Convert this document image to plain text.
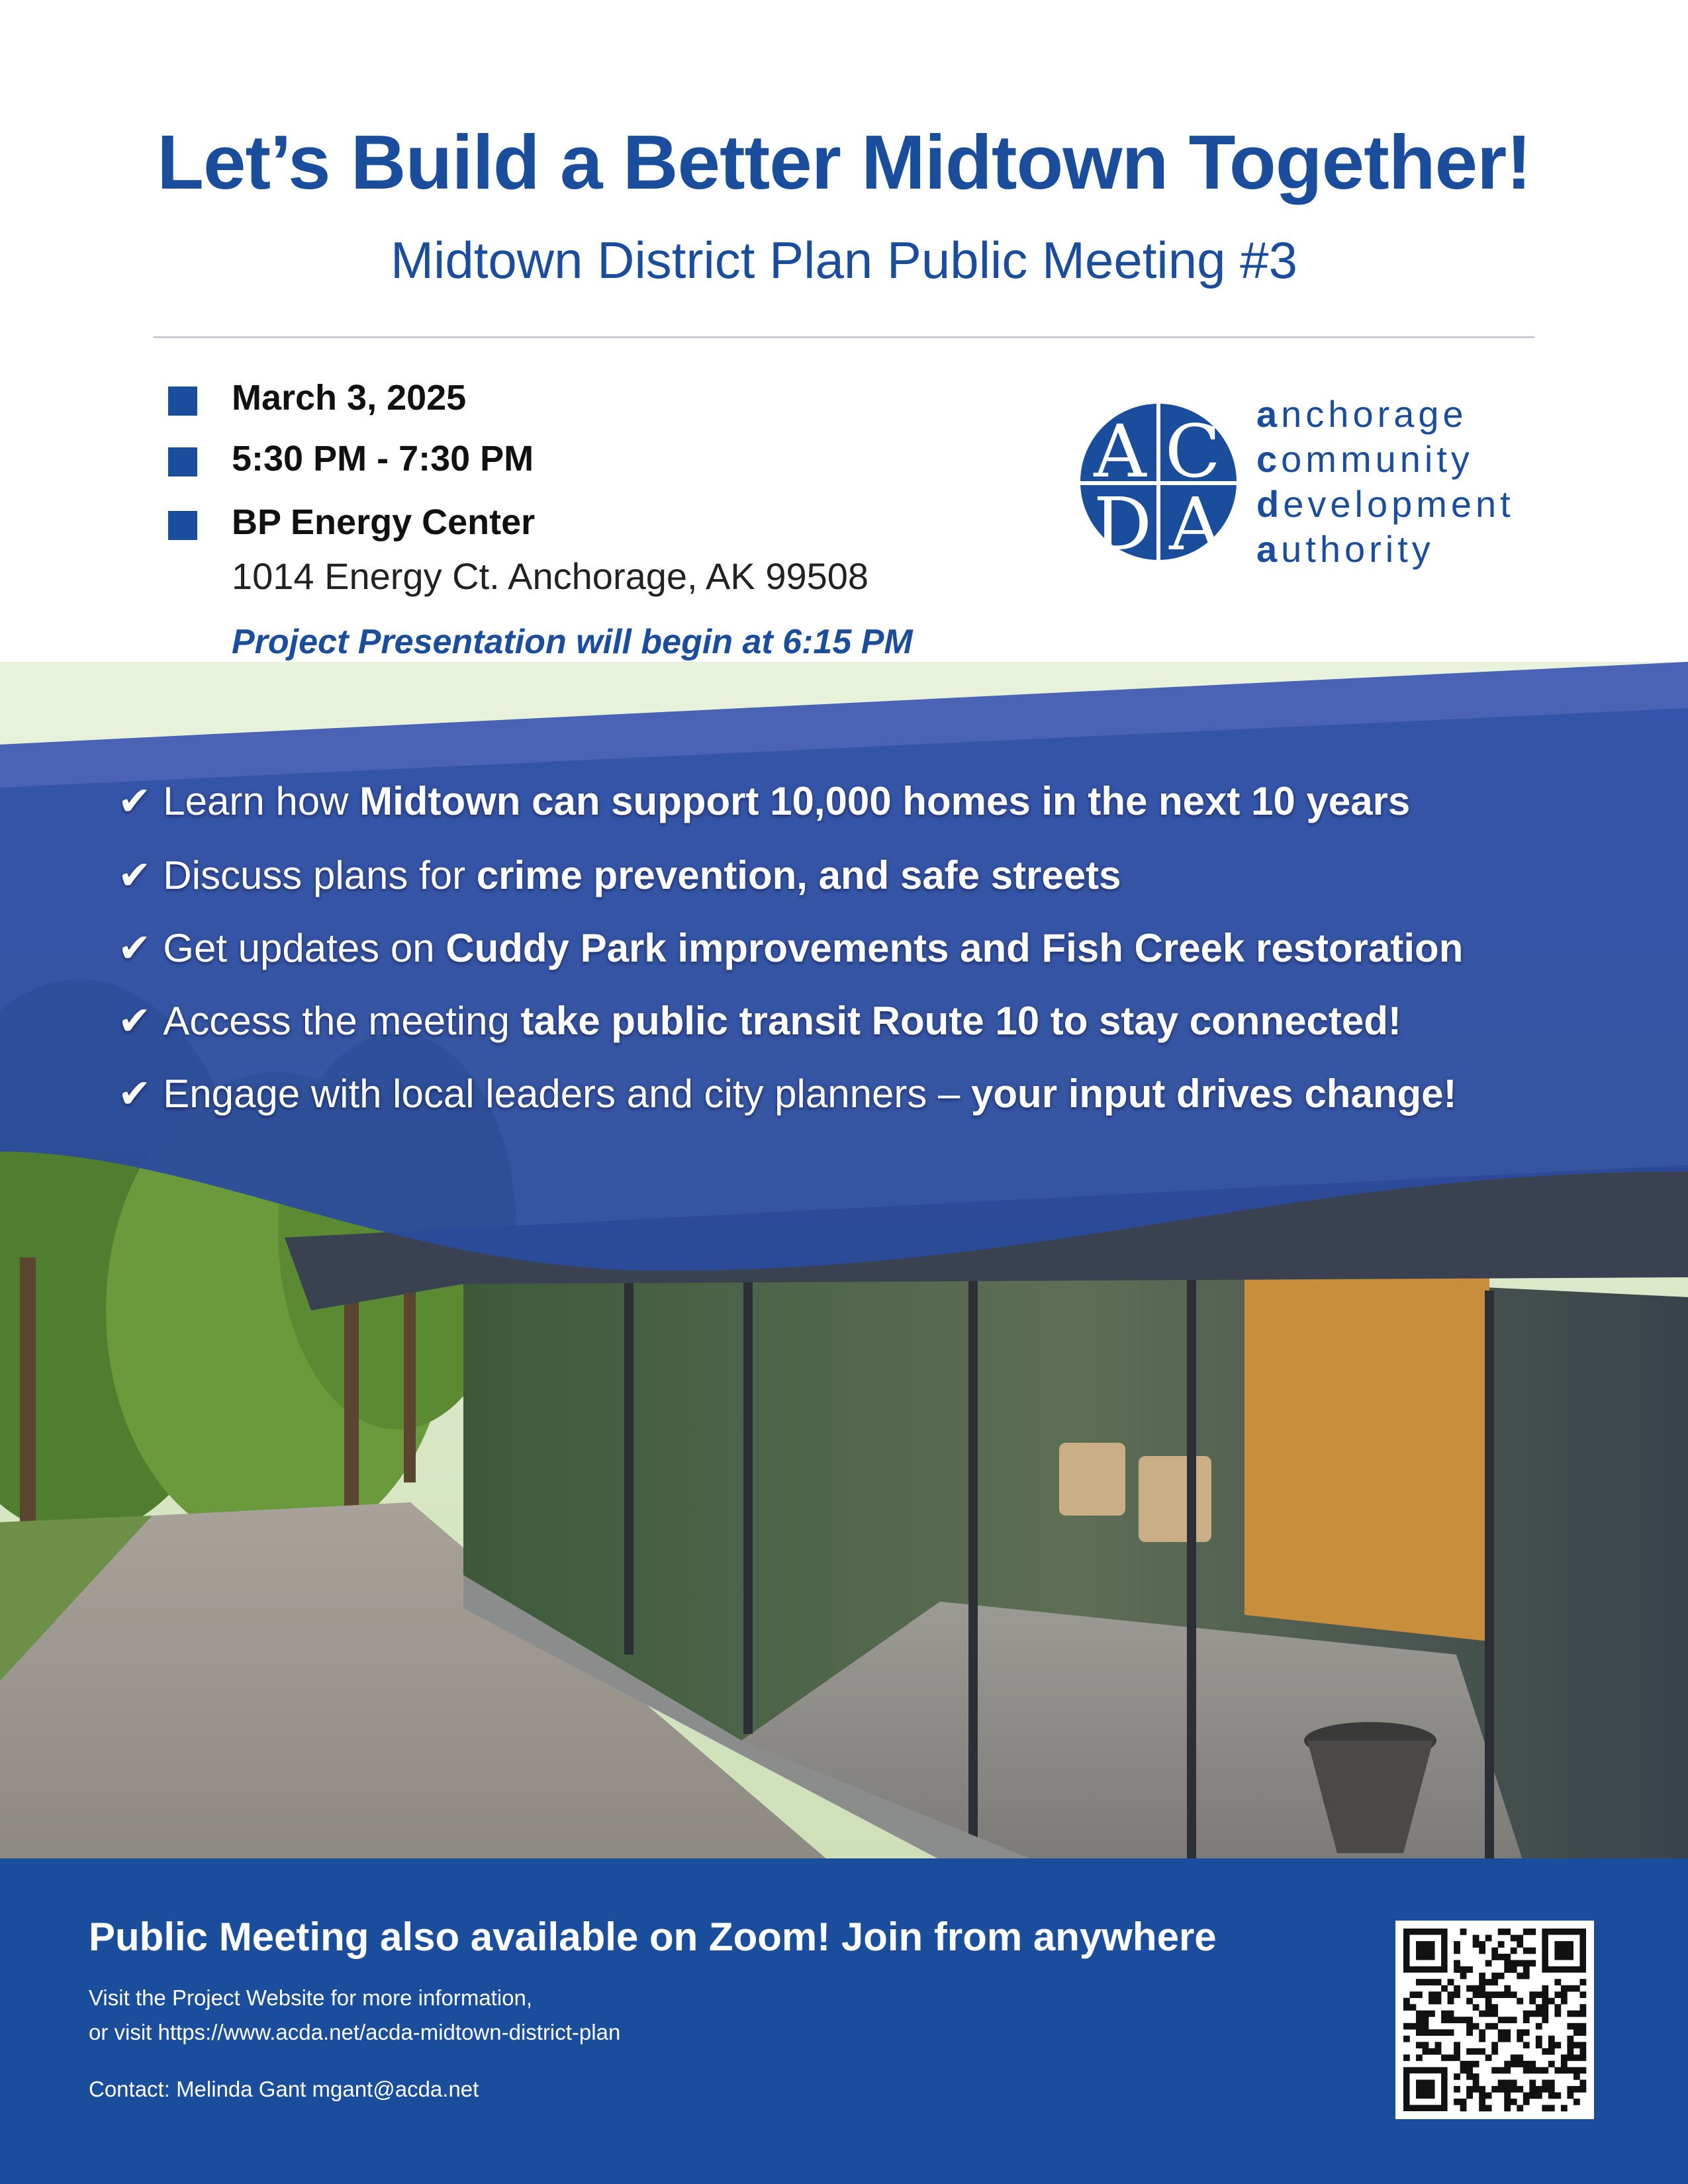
Let’s Build a Better Midtown Together!
Midtown District Plan Public Meeting #3
March 3, 2025
5:30 PM - 7:30 PM
BP Energy Center
1014 Energy Ct. Anchorage, AK 99508
Project Presentation will begin at 6:15 PM
A C
D A
anchorage
community
development
authority
✔ Learn how Midtown can support 10,000 homes in the next 10 years
✔ Discuss plans for crime prevention, and safe streets
✔ Get updates on Cuddy Park improvements and Fish Creek restoration
✔ Access the meeting take public transit Route 10 to stay connected!
✔ Engage with local leaders and city planners – your input drives change!
Public Meeting also available on Zoom! Join from anywhere
Visit the Project Website for more information,
or visit https://www.acda.net/acda-midtown-district-plan
Contact: Melinda Gant mgant@acda.net
